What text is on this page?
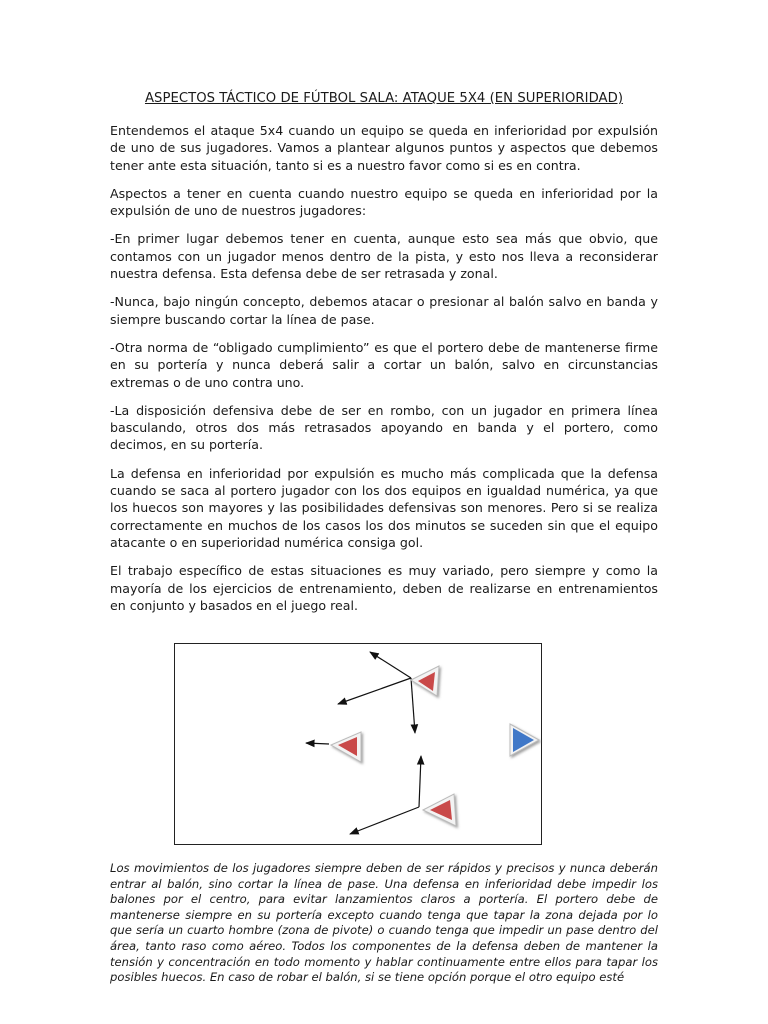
ASPECTOS TÁCTICO DE FÚTBOL SALA: ATAQUE 5X4 (EN SUPERIORIDAD)

Entendemos el ataque 5x4 cuando un equipo se queda en inferioridad por expulsión de uno de sus jugadores. Vamos a plantear algunos puntos y aspectos que debemos tener ante esta situación, tanto si es a nuestro favor como si es en contra.

Aspectos a tener en cuenta cuando nuestro equipo se queda en inferioridad por la expulsión de uno de nuestros jugadores:

-En primer lugar debemos tener en cuenta, aunque esto sea más que obvio, que contamos con un jugador menos dentro de la pista, y esto nos lleva a reconsiderar nuestra defensa. Esta defensa debe de ser retrasada y zonal.

-Nunca, bajo ningún concepto, debemos atacar o presionar al balón salvo en banda y siempre buscando cortar la línea de pase.

-Otra norma de “obligado cumplimiento” es que el portero debe de mantenerse firme en su portería y nunca deberá salir a cortar un balón, salvo en circunstancias extremas o de uno contra uno.

-La disposición defensiva debe de ser en rombo, con un jugador en primera línea basculando, otros dos más retrasados apoyando en banda y el portero, como decimos, en su portería.

La defensa en inferioridad por expulsión es mucho más complicada que la defensa cuando se saca al portero jugador con los dos equipos en igualdad numérica, ya que los huecos son mayores y las posibilidades defensivas son menores. Pero si se realiza correctamente en muchos de los casos los dos minutos se suceden sin que el equipo atacante o en superioridad numérica consiga gol.

El trabajo específico de estas situaciones es muy variado, pero siempre y como la mayoría de los ejercicios de entrenamiento, deben de realizarse en entrenamientos en conjunto y basados en el juego real.

Los movimientos de los jugadores siempre deben de ser rápidos y precisos y nunca deberán entrar al balón, sino cortar la línea de pase. Una defensa en inferioridad debe impedir los balones por el centro, para evitar lanzamientos claros a portería. El portero debe de mantenerse siempre en su portería excepto cuando tenga que tapar la zona dejada por lo que sería un cuarto hombre (zona de pivote) o cuando tenga que impedir un pase dentro del área, tanto raso como aéreo. Todos los componentes de la defensa deben de mantener la tensión y concentración en todo momento y hablar continuamente entre ellos para tapar los posibles huecos. En caso de robar el balón, si se tiene opción porque el otro equipo esté
